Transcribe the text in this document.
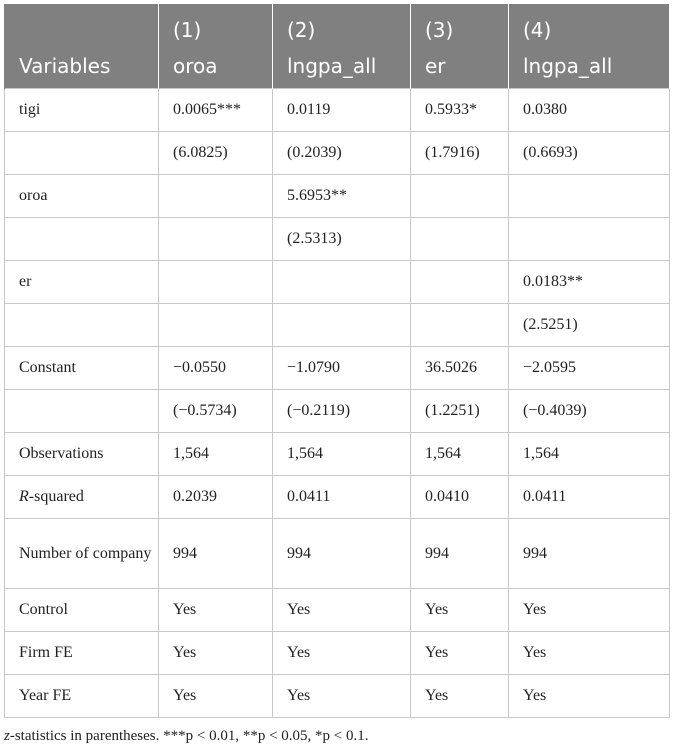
	(1)	(2)	(3)	(4)
Variables	oroa	lngpa_all	er	lngpa_all
tigi	0.0065***	0.0119	0.5933*	0.0380
	(6.0825)	(0.2039)	(1.7916)	(0.6693)
oroa		5.6953**		
		(2.5313)		
er				0.0183**
				(2.5251)
Constant	−0.0550	−1.0790	36.5026	−2.0595
	(−0.5734)	(−0.2119)	(1.2251)	(−0.4039)
Observations	1,564	1,564	1,564	1,564
R-squared	0.2039	0.0411	0.0410	0.0411
Number of company	994	994	994	994
Control	Yes	Yes	Yes	Yes
Firm FE	Yes	Yes	Yes	Yes
Year FE	Yes	Yes	Yes	Yes
z-statistics in parentheses. ***p < 0.01, **p < 0.05, *p < 0.1.
